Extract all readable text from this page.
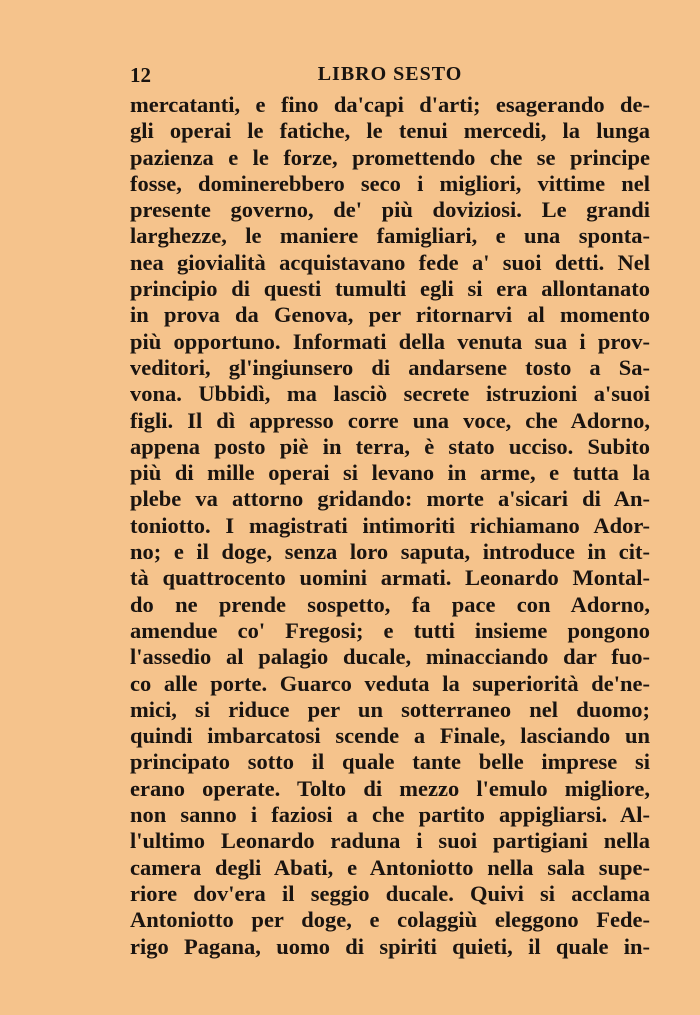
12	LIBRO SESTO
mercatanti, e fino da'capi d'arti; esagerando de-
gli operai le fatiche, le tenui mercedi, la lunga
pazienza e le forze, promettendo che se principe
fosse, dominerebbero seco i migliori, vittime nel
presente governo, de' più doviziosi. Le grandi
larghezze, le maniere famigliari, e una sponta-
nea giovialità acquistavano fede a' suoi detti. Nel
principio di questi tumulti egli si era allontanato
in prova da Genova, per ritornarvi al momento
più opportuno. Informati della venuta sua i prov-
veditori, gl'ingiunsero di andarsene tosto a Sa-
vona. Ubbidì, ma lasciò secrete istruzioni a'suoi
figli. Il dì appresso corre una voce, che Adorno,
appena posto piè in terra, è stato ucciso. Subito
più di mille operai si levano in arme, e tutta la
plebe va attorno gridando: morte a'sicari di An-
toniotto. I magistrati intimoriti richiamano Ador-
no; e il doge, senza loro saputa, introduce in cit-
tà quattrocento uomini armati. Leonardo Montal-
do ne prende sospetto, fa pace con Adorno,
amendue co' Fregosi; e tutti insieme pongono
l'assedio al palagio ducale, minacciando dar fuo-
co alle porte. Guarco veduta la superiorità de'ne-
mici, si riduce per un sotterraneo nel duomo;
quindi imbarcatosi scende a Finale, lasciando un
principato sotto il quale tante belle imprese si
erano operate. Tolto di mezzo l'emulo migliore,
non sanno i faziosi a che partito appigliarsi. Al-
l'ultimo Leonardo raduna i suoi partigiani nella
camera degli Abati, e Antoniotto nella sala supe-
riore dov'era il seggio ducale. Quivi si acclama
Antoniotto per doge, e colaggiù eleggono Fede-
rigo Pagana, uomo di spiriti quieti, il quale in-
